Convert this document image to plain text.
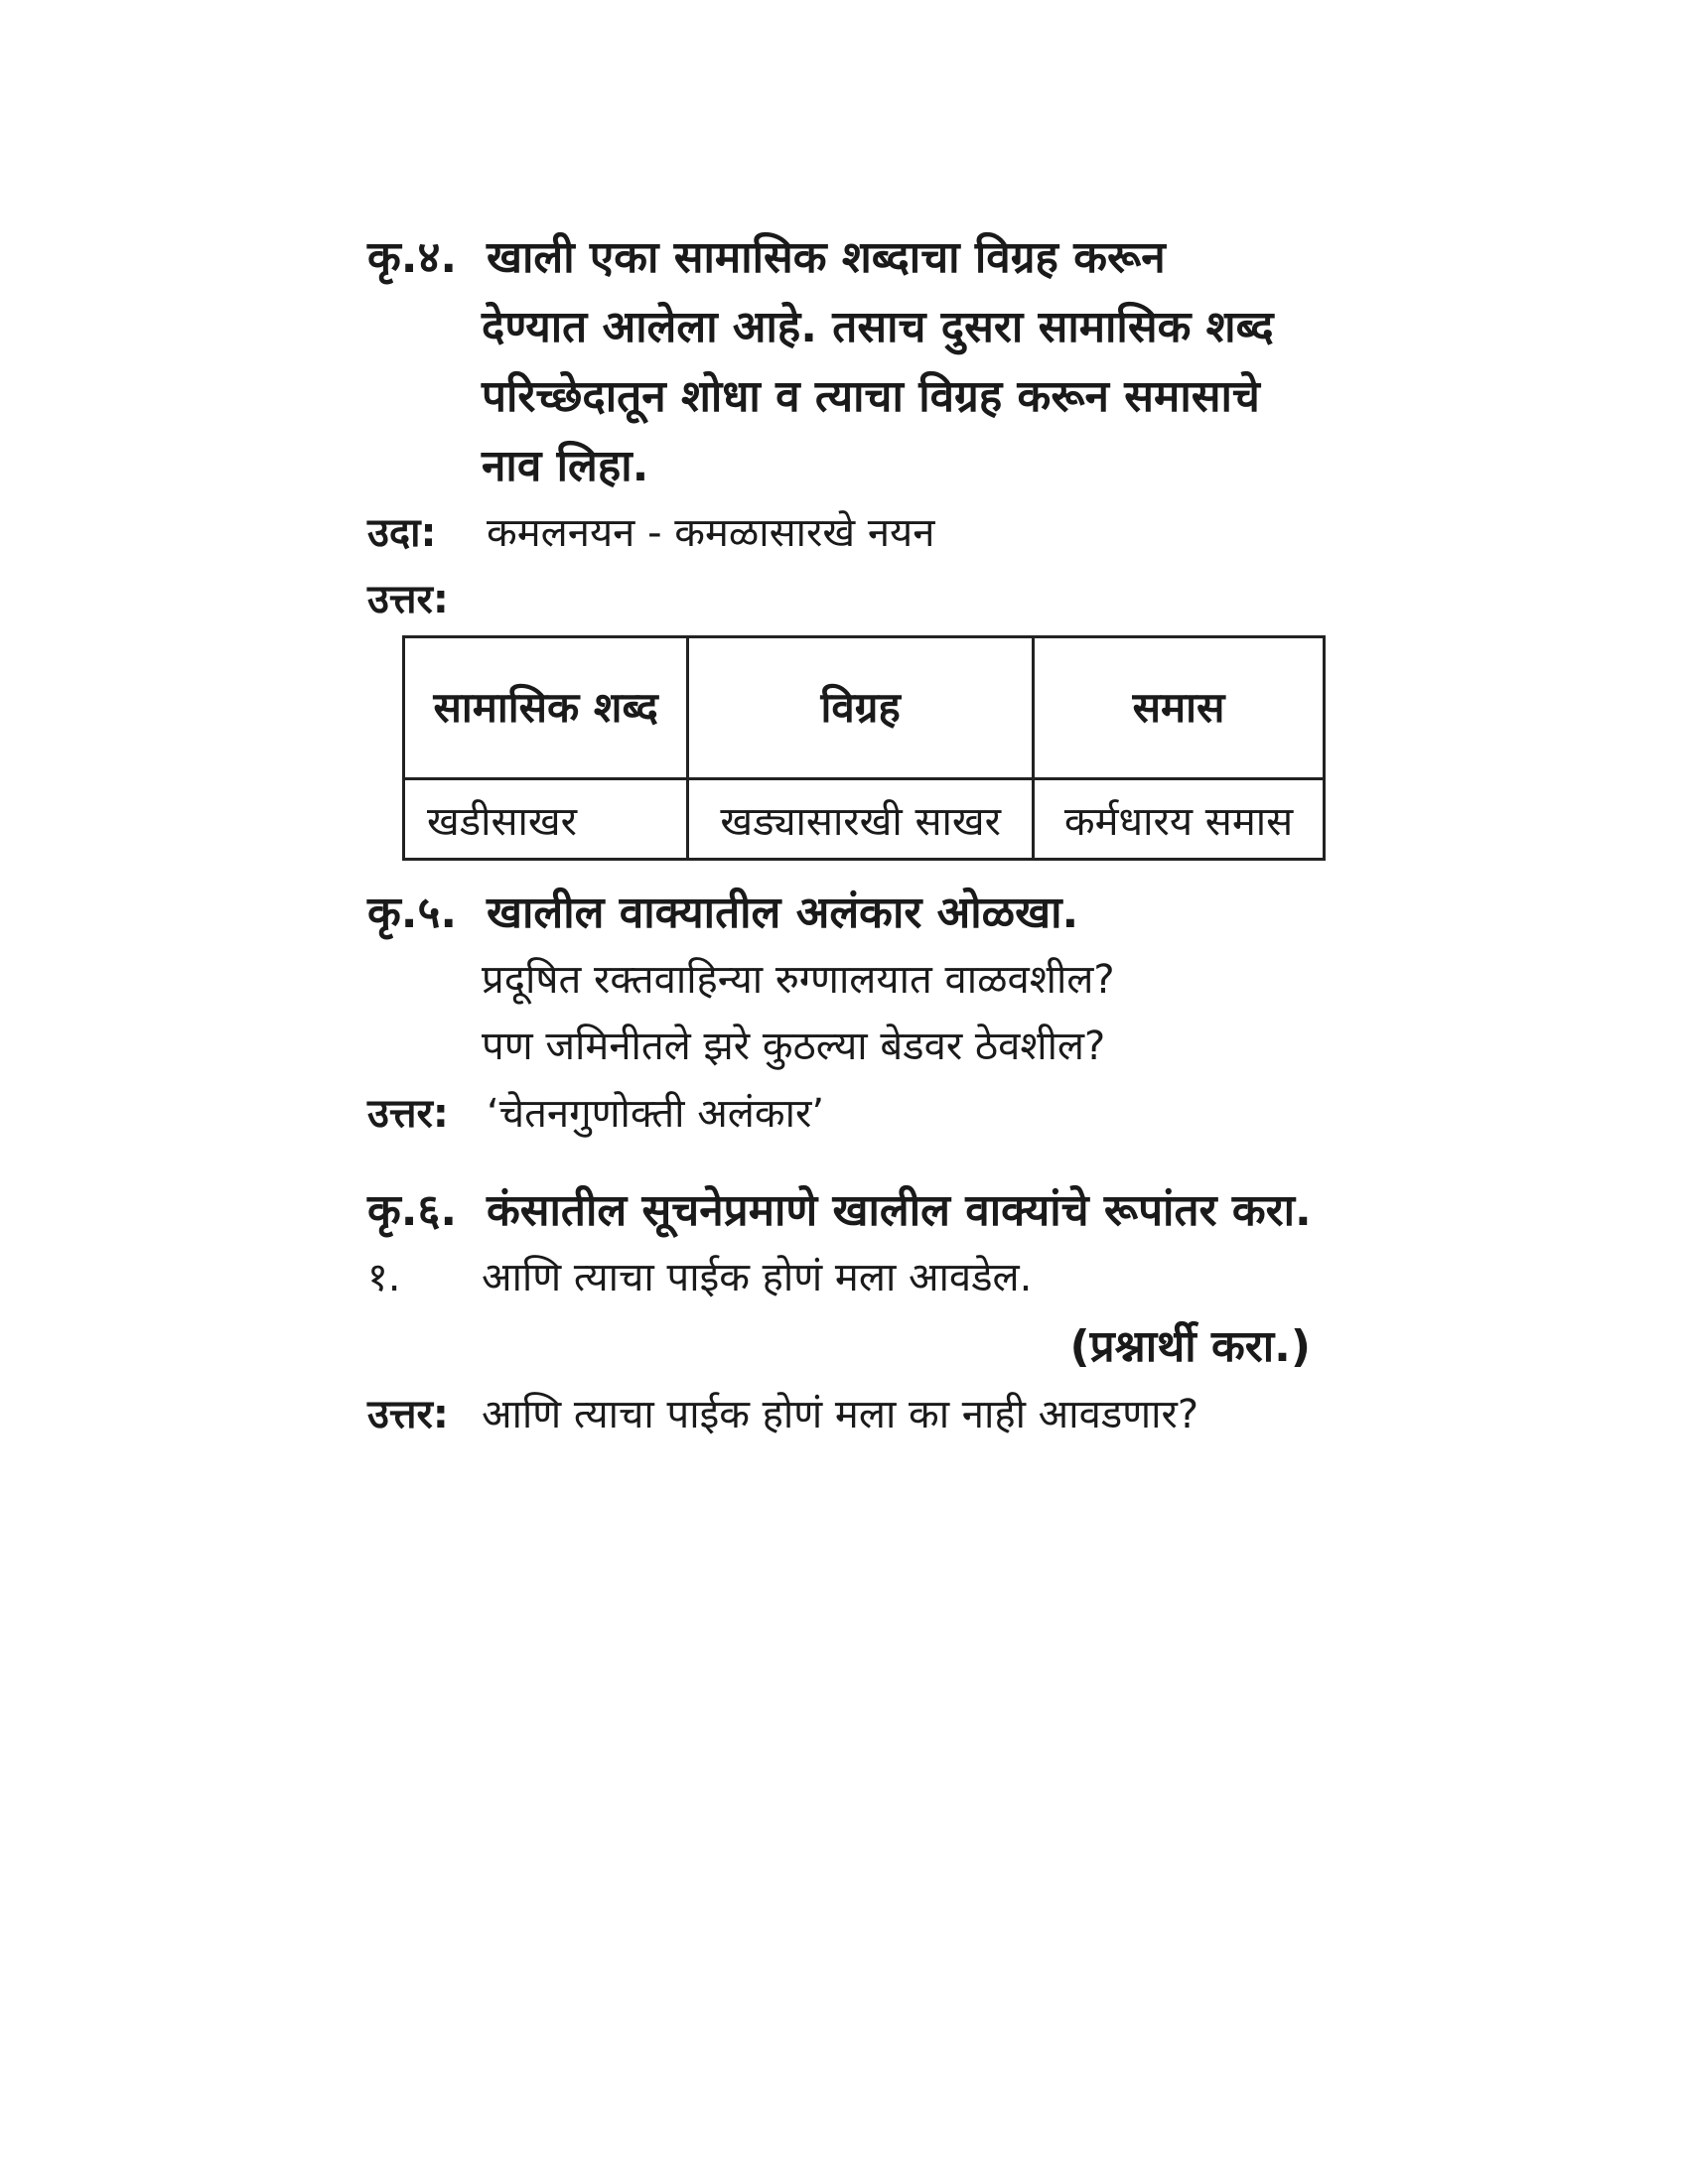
कृ.४. खाली एका सामासिक शब्दाचा विग्रह करून
देण्यात आलेला आहे. तसाच दुसरा सामासिक शब्द
परिच्छेदातून शोधा व त्याचा विग्रह करून समासाचे
नाव लिहा.
उदा: कमलनयन - कमळासारखे नयन
उत्तर:
सामासिक शब्द	विग्रह	समास
खडीसाखर	खड्यासारखी साखर	कर्मधारय समास
कृ.५. खालील वाक्यातील अलंकार ओळखा.
प्रदूषित रक्तवाहिन्या रुग्णालयात वाळवशील?
पण जमिनीतले झरे कुठल्या बेडवर ठेवशील?
उत्तर: ‘चेतनगुणोक्ती अलंकार’
कृ.६. कंसातील सूचनेप्रमाणे खालील वाक्यांचे रूपांतर करा.
१. आणि त्याचा पाईक होणं मला आवडेल.
(प्रश्नार्थी करा.)
उत्तर: आणि त्याचा पाईक होणं मला का नाही आवडणार?
